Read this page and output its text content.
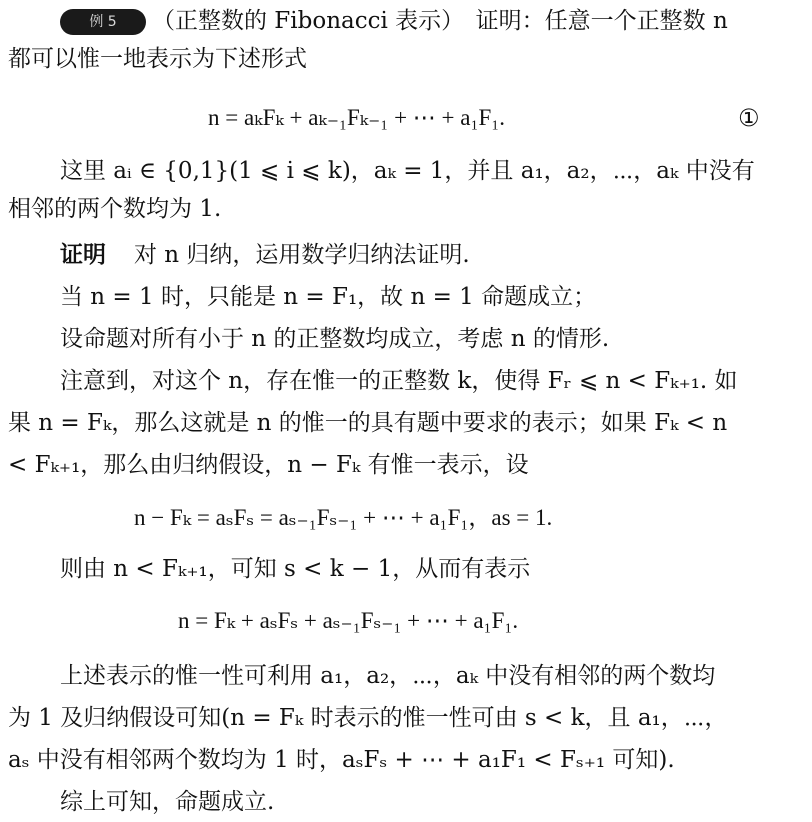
例 5 （正整数的 Fibonacci 表示）　证明：任意一个正整数 n
都可以惟一地表示为下述形式
n = aₖFₖ + aₖ₋₁Fₖ₋₁ + ⋯ + a₁F₁.	①
这里 aᵢ ∈ {0,1}(1 ⩽ i ⩽ k)，aₖ = 1，并且 a₁，a₂，⋯，aₖ 中没有
相邻的两个数均为 1.
证明 对 n 归纳，运用数学归纳法证明.
当 n = 1 时，只能是 n = F₁，故 n = 1 命题成立；
设命题对所有小于 n 的正整数均成立，考虑 n 的情形.
注意到，对这个 n，存在惟一的正整数 k，使得 Fᵣ ⩽ n < Fₖ₊₁. 如
果 n = Fₖ，那么这就是 n 的惟一的具有题中要求的表示；如果 Fₖ < n
< Fₖ₊₁，那么由归纳假设，n − Fₖ 有惟一表示，设
n − Fₖ = aₛFₛ = aₛ₋₁Fₛ₋₁ + ⋯ + a₁F₁，as = 1.
则由 n < Fₖ₊₁，可知 s < k − 1，从而有表示
n = Fₖ + aₛFₛ + aₛ₋₁Fₛ₋₁ + ⋯ + a₁F₁.
上述表示的惟一性可利用 a₁，a₂，⋯，aₖ 中没有相邻的两个数均
为 1 及归纳假设可知(n = Fₖ 时表示的惟一性可由 s < k，且 a₁，⋯，
aₛ 中没有相邻两个数均为 1 时，aₛFₛ + ⋯ + a₁F₁ < Fₛ₊₁ 可知).
综上可知，命题成立.
